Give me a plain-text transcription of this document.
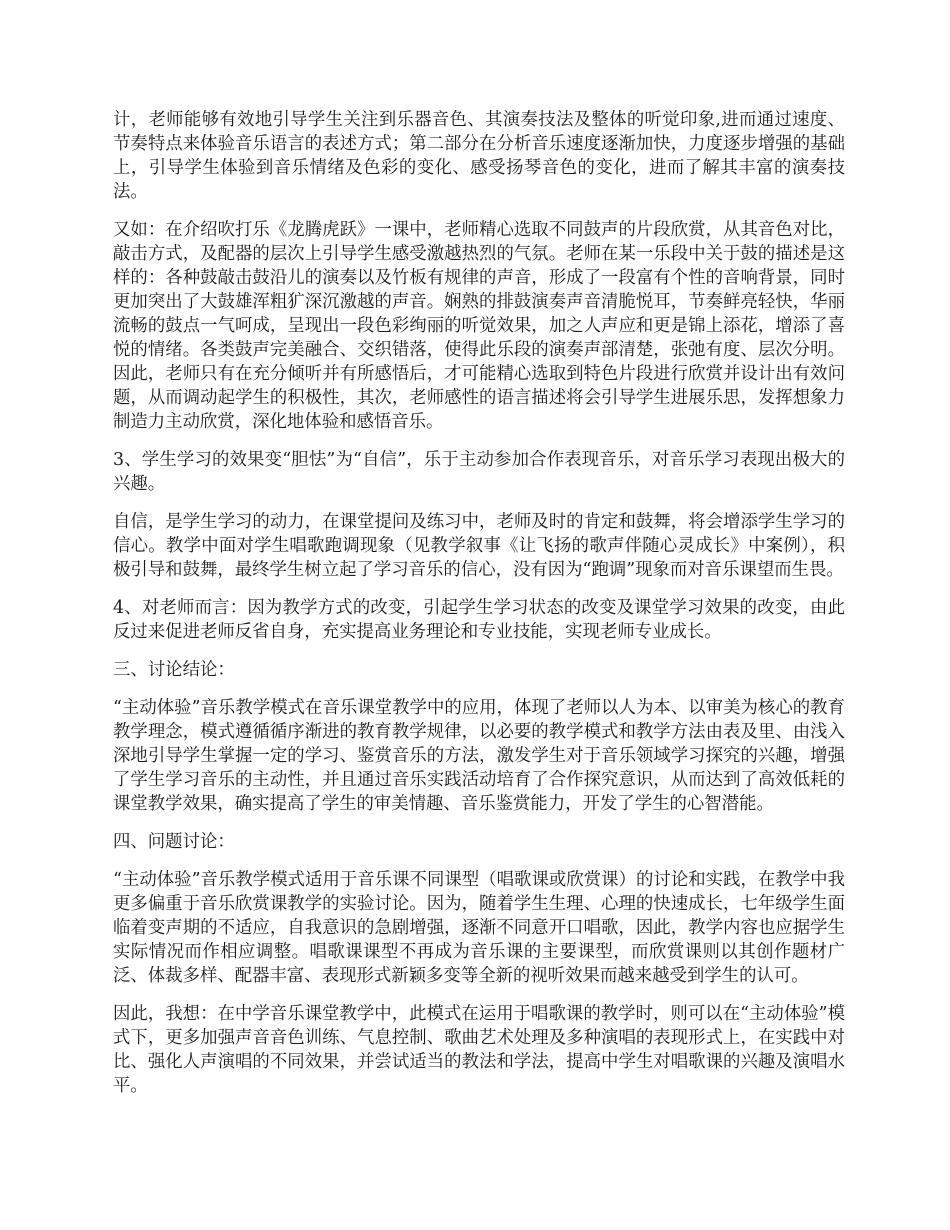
计，老师能够有效地引导学生关注到乐器音色、其演奏技法及整体的听觉印象,进而通过速度、节奏特点来体验音乐语言的表述方式；第二部分在分析音乐速度逐渐加快，力度逐步增强的基础上，引导学生体验到音乐情绪及色彩的变化、感受扬琴音色的变化，进而了解其丰富的演奏技法。

又如：在介绍吹打乐《龙腾虎跃》一课中，老师精心选取不同鼓声的片段欣赏，从其音色对比，敲击方式，及配器的层次上引导学生感受激越热烈的气氛。老师在某一乐段中关于鼓的描述是这样的：各种鼓敲击鼓沿儿的演奏以及竹板有规律的声音，形成了一段富有个性的音响背景，同时更加突出了大鼓雄浑粗犷深沉激越的声音。娴熟的排鼓演奏声音清脆悦耳，节奏鲜亮轻快，华丽流畅的鼓点一气呵成，呈现出一段色彩绚丽的听觉效果，加之人声应和更是锦上添花，增添了喜悦的情绪。各类鼓声完美融合、交织错落，使得此乐段的演奏声部清楚，张弛有度、层次分明。因此，老师只有在充分倾听并有所感悟后，才可能精心选取到特色片段进行欣赏并设计出有效问题，从而调动起学生的积极性，其次，老师感性的语言描述将会引导学生进展乐思，发挥想象力制造力主动欣赏，深化地体验和感悟音乐。

3、学生学习的效果变“胆怯”为“自信”，乐于主动参加合作表现音乐，对音乐学习表现出极大的兴趣。

自信，是学生学习的动力，在课堂提问及练习中，老师及时的肯定和鼓舞，将会增添学生学习的信心。教学中面对学生唱歌跑调现象（见教学叙事《让飞扬的歌声伴随心灵成长》中案例），积极引导和鼓舞，最终学生树立起了学习音乐的信心，没有因为“跑调”现象而对音乐课望而生畏。

4、对老师而言：因为教学方式的改变，引起学生学习状态的改变及课堂学习效果的改变，由此反过来促进老师反省自身，充实提高业务理论和专业技能，实现老师专业成长。

三、讨论结论：

“主动体验”音乐教学模式在音乐课堂教学中的应用，体现了老师以人为本、以审美为核心的教育教学理念，模式遵循循序渐进的教育教学规律，以必要的教学模式和教学方法由表及里、由浅入深地引导学生掌握一定的学习、鉴赏音乐的方法，激发学生对于音乐领域学习探究的兴趣，增强了学生学习音乐的主动性，并且通过音乐实践活动培育了合作探究意识，从而达到了高效低耗的课堂教学效果，确实提高了学生的审美情趣、音乐鉴赏能力，开发了学生的心智潜能。

四、问题讨论：

“主动体验”音乐教学模式适用于音乐课不同课型（唱歌课或欣赏课）的讨论和实践，在教学中我更多偏重于音乐欣赏课教学的实验讨论。因为，随着学生生理、心理的快速成长，七年级学生面临着变声期的不适应，自我意识的急剧增强，逐渐不同意开口唱歌，因此，教学内容也应据学生实际情况而作相应调整。唱歌课课型不再成为音乐课的主要课型，而欣赏课则以其创作题材广泛、体裁多样、配器丰富、表现形式新颖多变等全新的视听效果而越来越受到学生的认可。

因此，我想：在中学音乐课堂教学中，此模式在运用于唱歌课的教学时，则可以在“主动体验”模式下，更多加强声音音色训练、气息控制、歌曲艺术处理及多种演唱的表现形式上，在实践中对比、强化人声演唱的不同效果，并尝试适当的教法和学法，提高中学生对唱歌课的兴趣及演唱水平。
